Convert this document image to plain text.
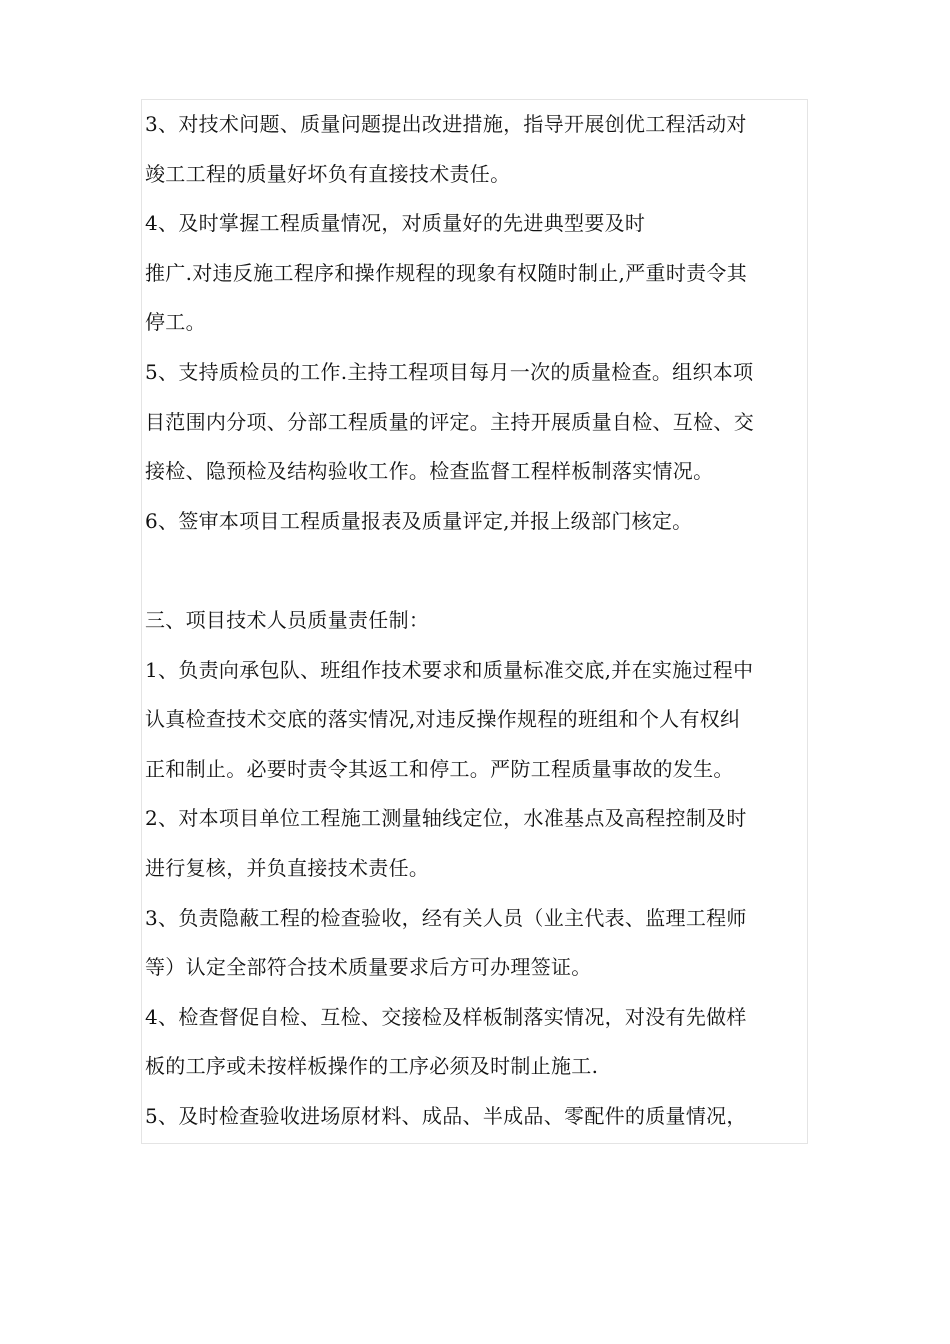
3、对技术问题、质量问题提出改进措施，指导开展创优工程活动对
竣工工程的质量好坏负有直接技术责任。
4、及时掌握工程质量情况，对质量好的先进典型要及时
推广.对违反施工程序和操作规程的现象有权随时制止,严重时责令其
停工。
5、支持质检员的工作.主持工程项目每月一次的质量检查。组织本项
目范围内分项、分部工程质量的评定。主持开展质量自检、互检、交
接检、隐预检及结构验收工作。检查监督工程样板制落实情况。
6、签审本项目工程质量报表及质量评定,并报上级部门核定。
三、项目技术人员质量责任制：
1、负责向承包队、班组作技术要求和质量标准交底,并在实施过程中
认真检查技术交底的落实情况,对违反操作规程的班组和个人有权纠
正和制止。必要时责令其返工和停工。严防工程质量事故的发生。
2、对本项目单位工程施工测量轴线定位，水准基点及高程控制及时
进行复核，并负直接技术责任。
3、负责隐蔽工程的检查验收，经有关人员（业主代表、监理工程师
等）认定全部符合技术质量要求后方可办理签证。
4、检查督促自检、互检、交接检及样板制落实情况，对没有先做样
板的工序或未按样板操作的工序必须及时制止施工.
5、及时检查验收进场原材料、成品、半成品、零配件的质量情况，
